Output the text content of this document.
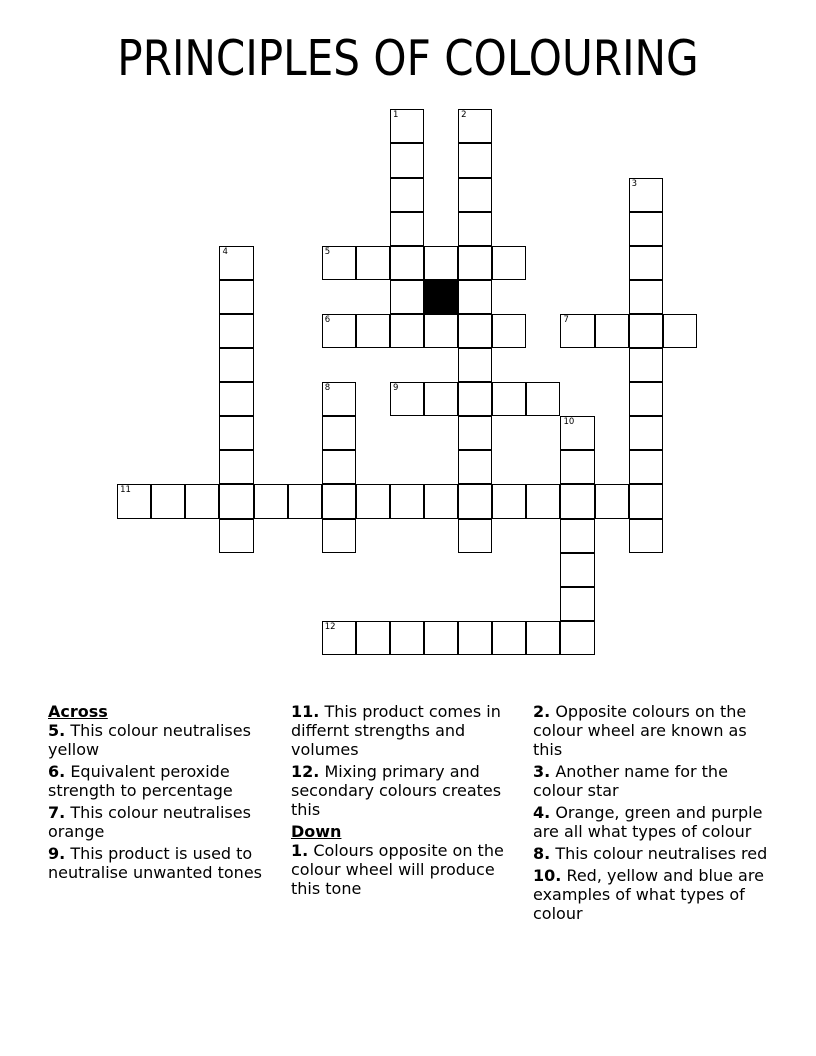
PRINCIPLES OF COLOURING
1	2
3
4	5
6	7
8	9
10
11
12
Across
5. This colour neutralises yellow
6. Equivalent peroxide strength to percentage
7. This colour neutralises orange
9. This product is used to neutralise unwanted tones
11. This product comes in differnt strengths and volumes
12. Mixing primary and secondary colours creates this
Down
1. Colours opposite on the colour wheel will produce this tone
2. Opposite colours on the colour wheel are known as this
3. Another name for the colour star
4. Orange, green and purple are all what types of colour
8. This colour neutralises red
10. Red, yellow and blue are examples of what types of colour
